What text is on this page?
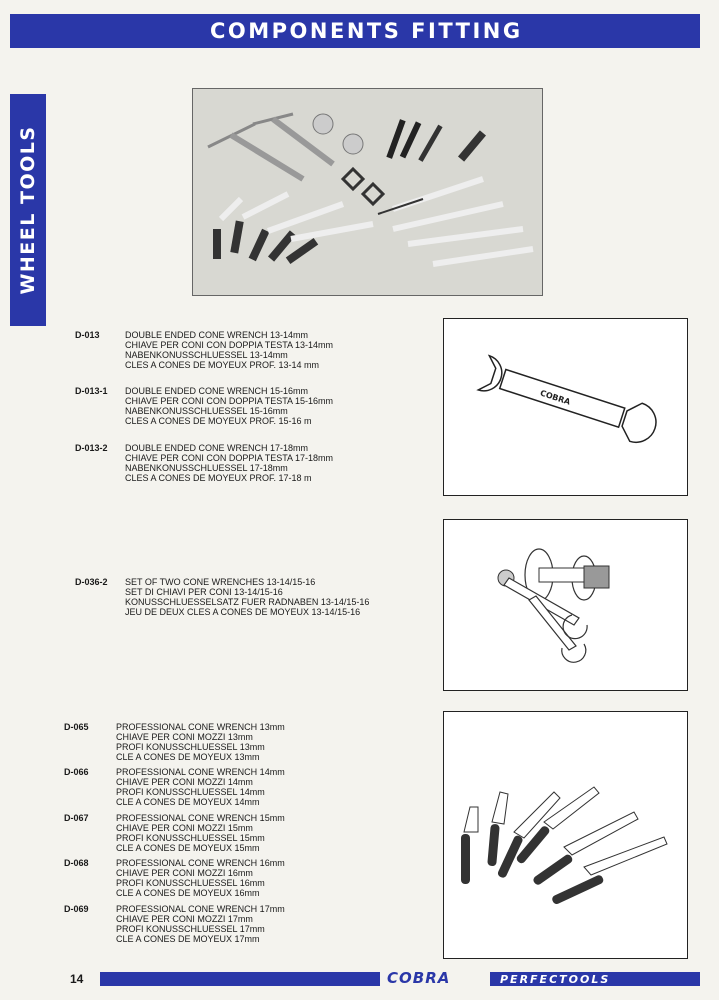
COMPONENTS FITTING
WHEEL TOOLS
D-013	DOUBLE ENDED CONE WRENCH 13-14mm
CHIAVE PER CONI CON DOPPIA TESTA 13-14mm
NABENKONUSSCHLUESSEL 13-14mm
CLES A CONES DE MOYEUX PROF. 13-14 mm
D-013-1 DOUBLE ENDED CONE WRENCH 15-16mm
CHIAVE PER CONI CON DOPPIA TESTA 15-16mm
NABENKONUSSCHLUESSEL 15-16mm
CLES A CONES DE MOYEUX PROF. 15-16 m
D-013-2 DOUBLE ENDED CONE WRENCH 17-18mm
CHIAVE PER CONI CON DOPPIA TESTA 17-18mm
NABENKONUSSCHLUESSEL 17-18mm
CLES A CONES DE MOYEUX PROF. 17-18 m
COBRA
D-036-2 SET OF TWO CONE WRENCHES 13-14/15-16
SET DI CHIAVI PER CONI 13-14/15-16
KONUSSCHLUESSELSATZ FUER RADNABEN 13-14/15-16
JEU DE DEUX CLES A CONES DE MOYEUX 13-14/15-16
D-065	PROFESSIONAL CONE WRENCH 13mm
CHIAVE PER CONI MOZZI 13mm
PROFI KONUSSCHLUESSEL 13mm
CLE A CONES DE MOYEUX 13mm
D-066	PROFESSIONAL CONE WRENCH 14mm
CHIAVE PER CONI MOZZI 14mm
PROFI KONUSSCHLUESSEL 14mm
CLE A CONES DE MOYEUX 14mm
D-067	PROFESSIONAL CONE WRENCH 15mm
CHIAVE PER CONI MOZZI 15mm
PROFI KONUSSCHLUESSEL 15mm
CLE A CONES DE MOYEUX 15mm
D-068	PROFESSIONAL CONE WRENCH 16mm
CHIAVE PER CONI MOZZI 16mm
PROFI KONUSSCHLUESSEL 16mm
CLE A CONES DE MOYEUX 16mm
D-069	PROFESSIONAL CONE WRENCH 17mm
CHIAVE PER CONI MOZZI 17mm
PROFI KONUSSCHLUESSEL 17mm
CLE A CONES DE MOYEUX 17mm
14	COBRA	PERFECTOOLS
